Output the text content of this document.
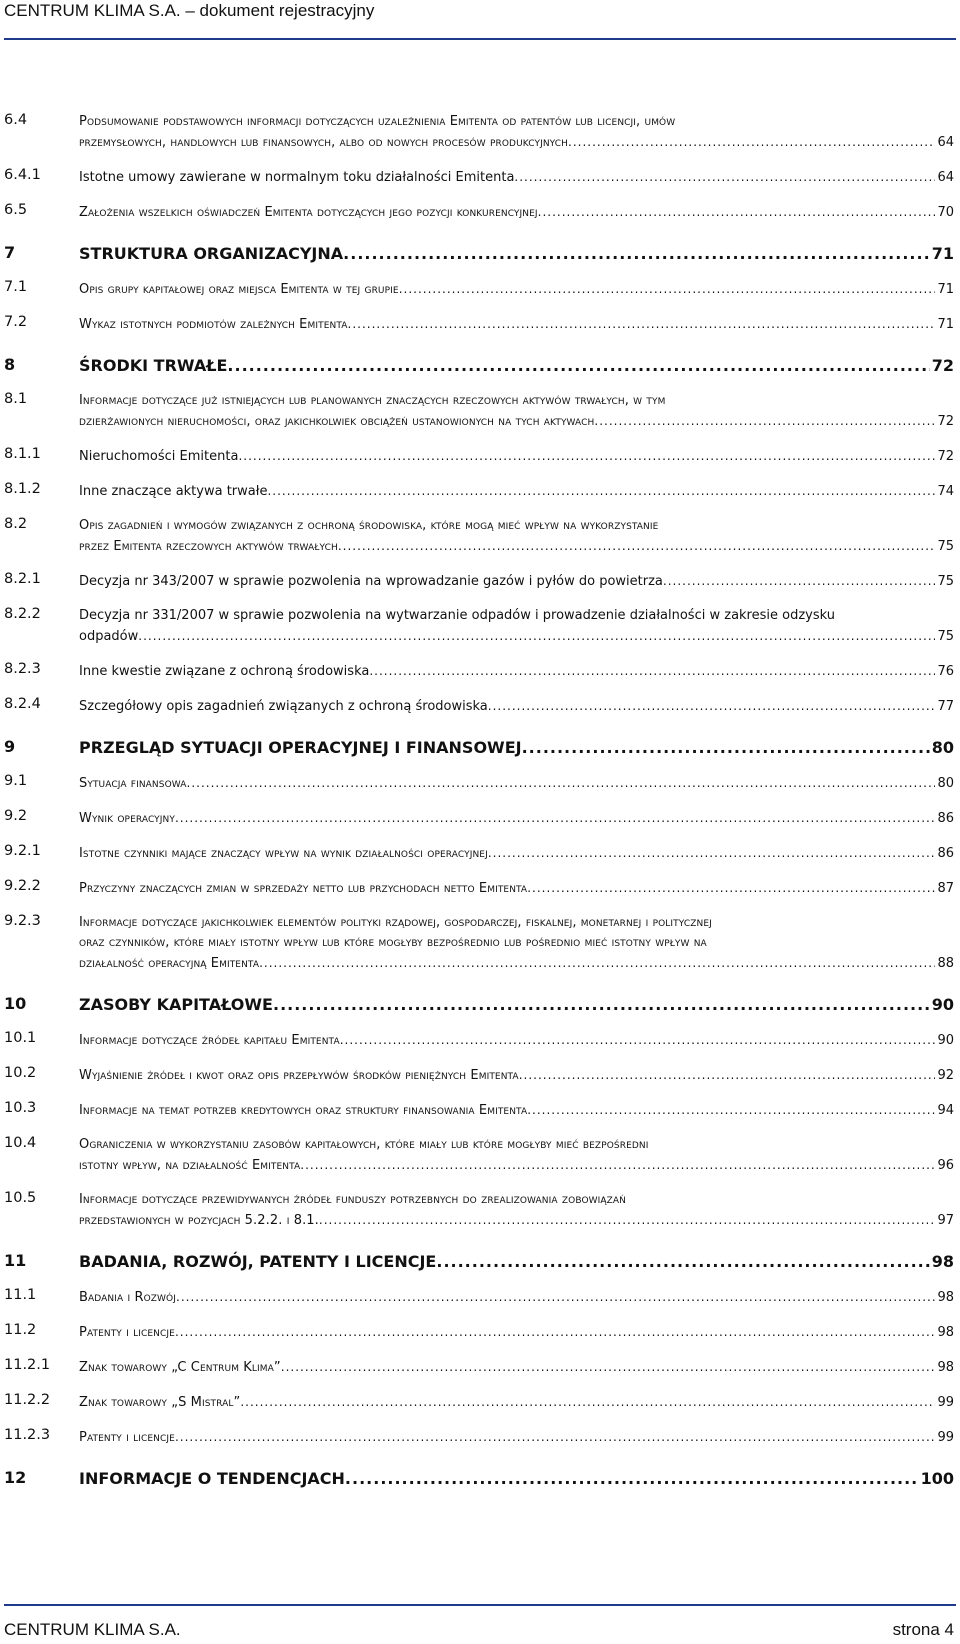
CENTRUM KLIMA S.A. – dokument rejestracyjny
6.4	Podsumowanie podstawowych informacji dotyczących uzależnienia Emitenta od patentów lub licencji, umów
przemysłowych, handlowych lub finansowych, albo od nowych procesów produkcyjnych .....	64
6.4.1	Istotne umowy zawierane w normalnym toku działalności Emitenta .....	64
6.5	Założenia wszelkich oświadczeń Emitenta dotyczących jego pozycji konkurencyjnej .....	70
7	STRUKTURA ORGANIZACYJNA .....	71
7.1	Opis grupy kapitałowej oraz miejsca Emitenta w tej grupie .....	71
7.2	Wykaz istotnych podmiotów zależnych Emitenta .....	71
8	ŚRODKI TRWAŁE .....	72
8.1	Informacje dotyczące już istniejących lub planowanych znaczących rzeczowych aktywów trwałych, w tym
dzierżawionych nieruchomości, oraz jakichkolwiek obciążeń ustanowionych na tych aktywach .....	72
8.1.1	Nieruchomości Emitenta .....	72
8.1.2	Inne znaczące aktywa trwałe .....	74
8.2	Opis zagadnień i wymogów związanych z ochroną środowiska, które mogą mieć wpływ na wykorzystanie
przez Emitenta rzeczowych aktywów trwałych .....	75
8.2.1	Decyzja nr 343/2007 w sprawie pozwolenia na wprowadzanie gazów i pyłów do powietrza .....	75
8.2.2	Decyzja nr 331/2007 w sprawie pozwolenia na wytwarzanie odpadów i prowadzenie działalności w zakresie odzysku
odpadów .....	75
8.2.3	Inne kwestie związane z ochroną środowiska .....	76
8.2.4	Szczegółowy opis zagadnień związanych z ochroną środowiska .....	77
9	PRZEGLĄD SYTUACJI OPERACYJNEJ I FINANSOWEJ .....	80
9.1	Sytuacja finansowa .....	80
9.2	Wynik operacyjny .....	86
9.2.1	Istotne czynniki mające znaczący wpływ na wynik działalności operacyjnej .....	86
9.2.2	Przyczyny znaczących zmian w sprzedaży netto lub przychodach netto Emitenta .....	87
9.2.3	Informacje dotyczące jakichkolwiek elementów polityki rządowej, gospodarczej, fiskalnej, monetarnej i politycznej
oraz czynników, które miały istotny wpływ lub które mogłyby bezpośrednio lub pośrednio mieć istotny wpływ na
działalność operacyjną Emitenta .....	88
10	ZASOBY KAPITAŁOWE .....	90
10.1	Informacje dotyczące źródeł kapitału Emitenta .....	90
10.2	Wyjaśnienie źródeł i kwot oraz opis przepływów środków pieniężnych Emitenta .....	92
10.3	Informacje na temat potrzeb kredytowych oraz struktury finansowania Emitenta .....	94
10.4	Ograniczenia w wykorzystaniu zasobów kapitałowych, które miały lub które mogłyby mieć bezpośredni
istotny wpływ, na działalność Emitenta .....	96
10.5	Informacje dotyczące przewidywanych źródeł funduszy potrzebnych do zrealizowania zobowiązań
przedstawionych w pozycjach 5.2.2. i 8.1. .....	97
11	BADANIA, ROZWÓJ, PATENTY I LICENCJE .....	98
11.1	Badania i Rozwój .....	98
11.2	Patenty i licencje .....	98
11.2.1 Znak towarowy „C Centrum Klima” .....	98
11.2.2 Znak towarowy „S Mistral” .....	99
11.2.3 Patenty i licencje .....	99
12	INFORMACJE O TENDENCJACH .....	100
CENTRUM KLIMA S.A.	strona 4
